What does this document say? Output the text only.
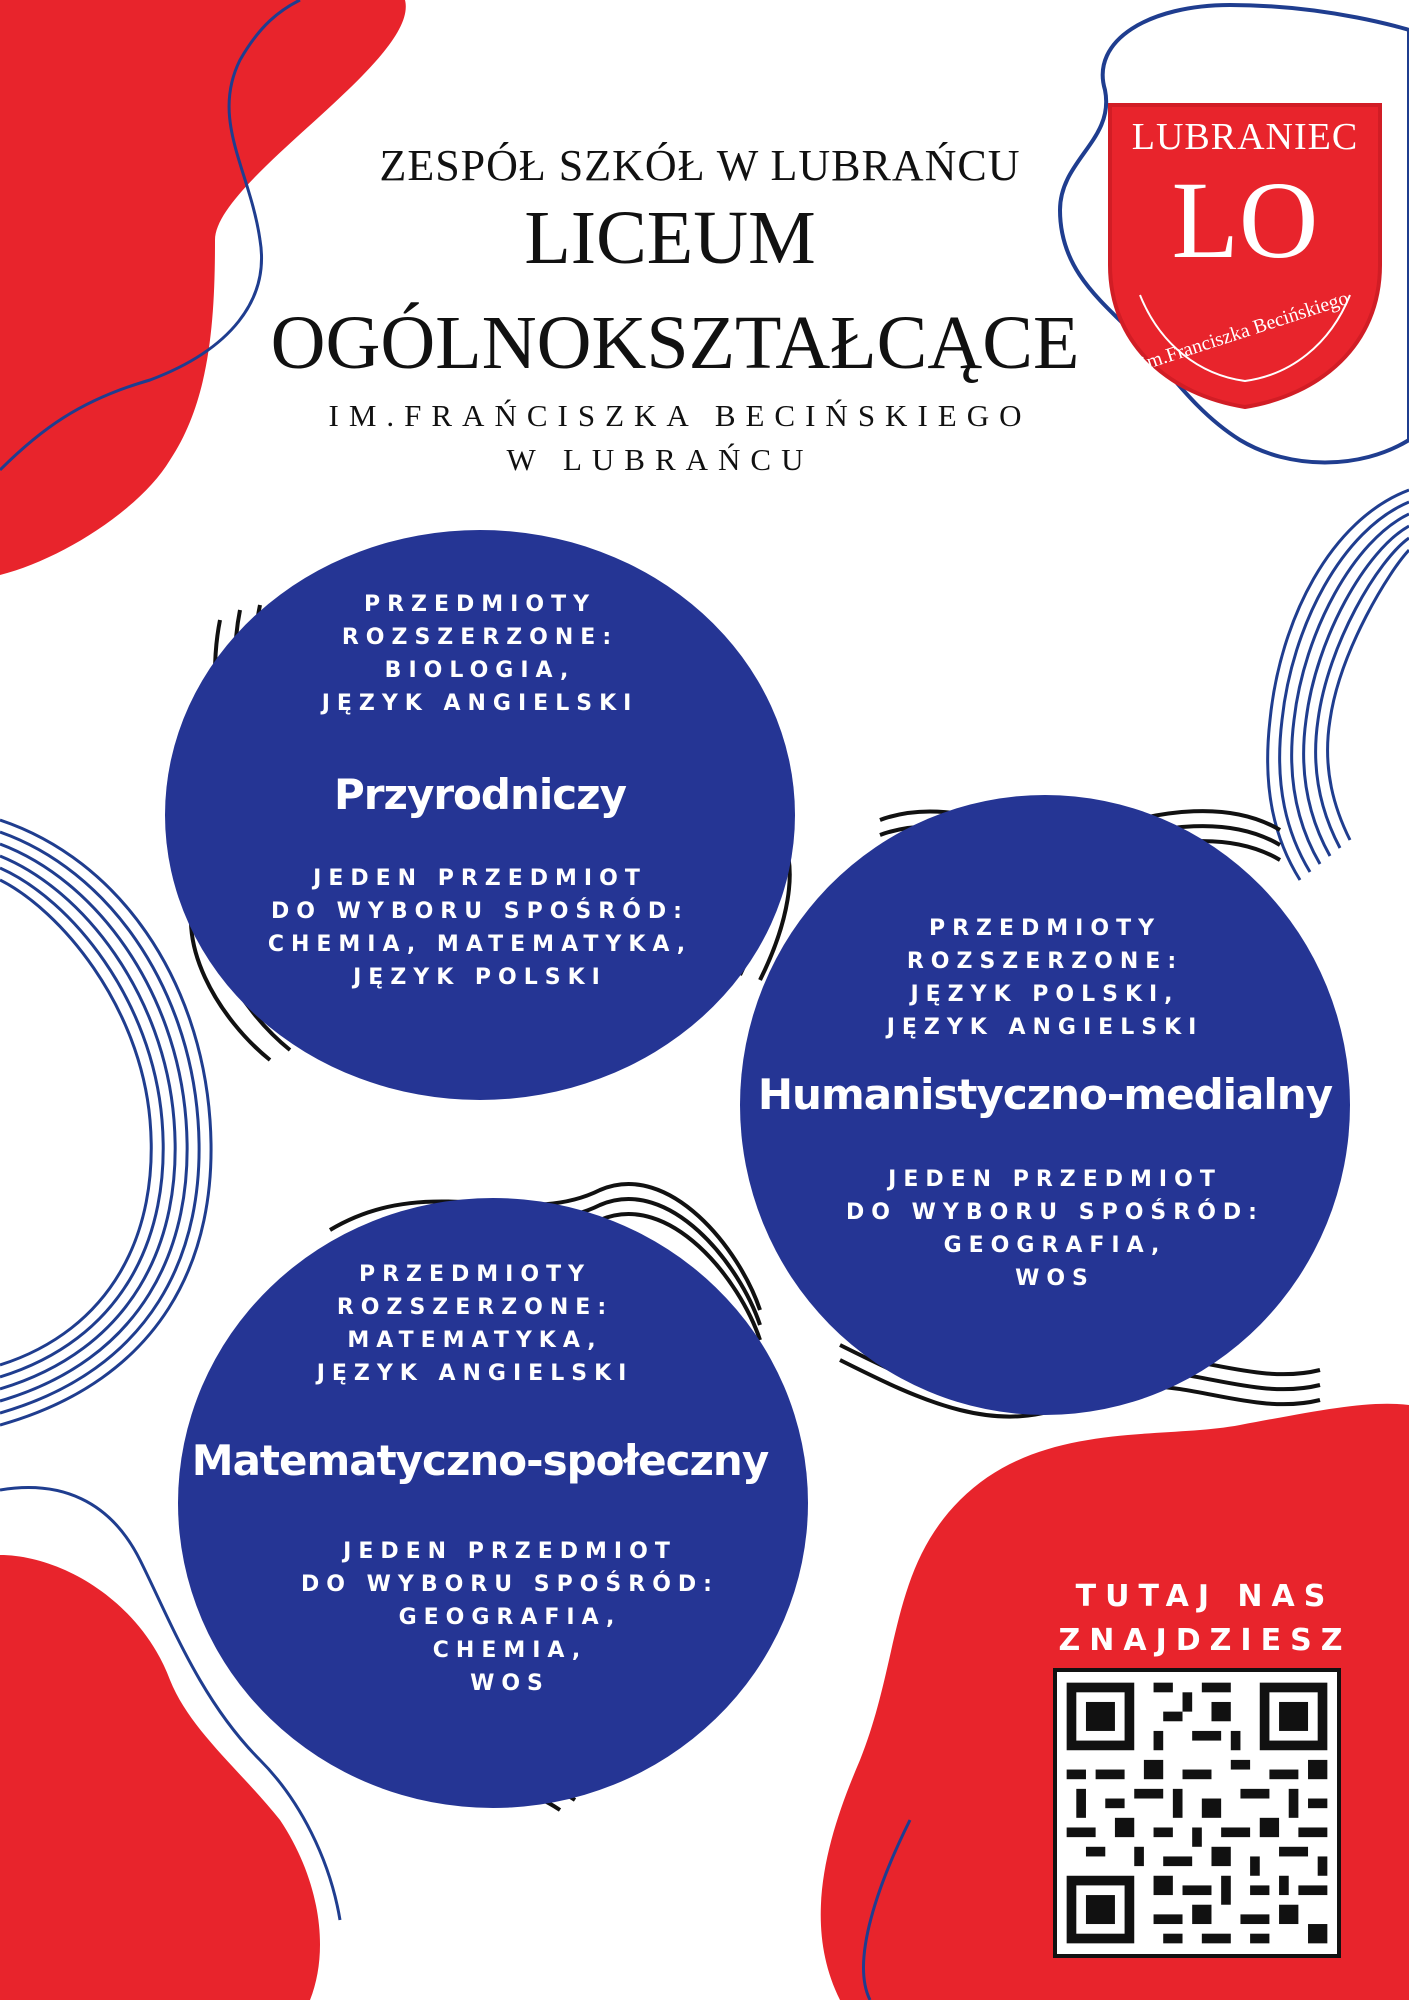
ZESPÓŁ SZKÓŁ W LUBRAŃCU
LICEUM
OGÓLNOKSZTAŁCĄCE
IM.FRAŃCISZKA BECIŃSKIEGO
W LUBRAŃCU
LUBRANIEC
LO
im.Franciszka Becińskiego
PRZEDMIOTY
ROZSZERZONE:
BIOLOGIA,
JĘZYK ANGIELSKI
Przyrodniczy
JEDEN PRZEDMIOT
DO WYBORU SPOŚRÓD:
CHEMIA, MATEMATYKA,
JĘZYK POLSKI
PRZEDMIOTY
ROZSZERZONE:
JĘZYK POLSKI,
JĘZYK ANGIELSKI
Humanistyczno-medialny
JEDEN PRZEDMIOT
DO WYBORU SPOŚRÓD:
GEOGRAFIA,
WOS
PRZEDMIOTY
ROZSZERZONE:
MATEMATYKA,
JĘZYK ANGIELSKI
Matematyczno-społeczny
JEDEN PRZEDMIOT
DO WYBORU SPOŚRÓD:
GEOGRAFIA,
CHEMIA,
WOS
TUTAJ NAS
ZNAJDZIESZ
